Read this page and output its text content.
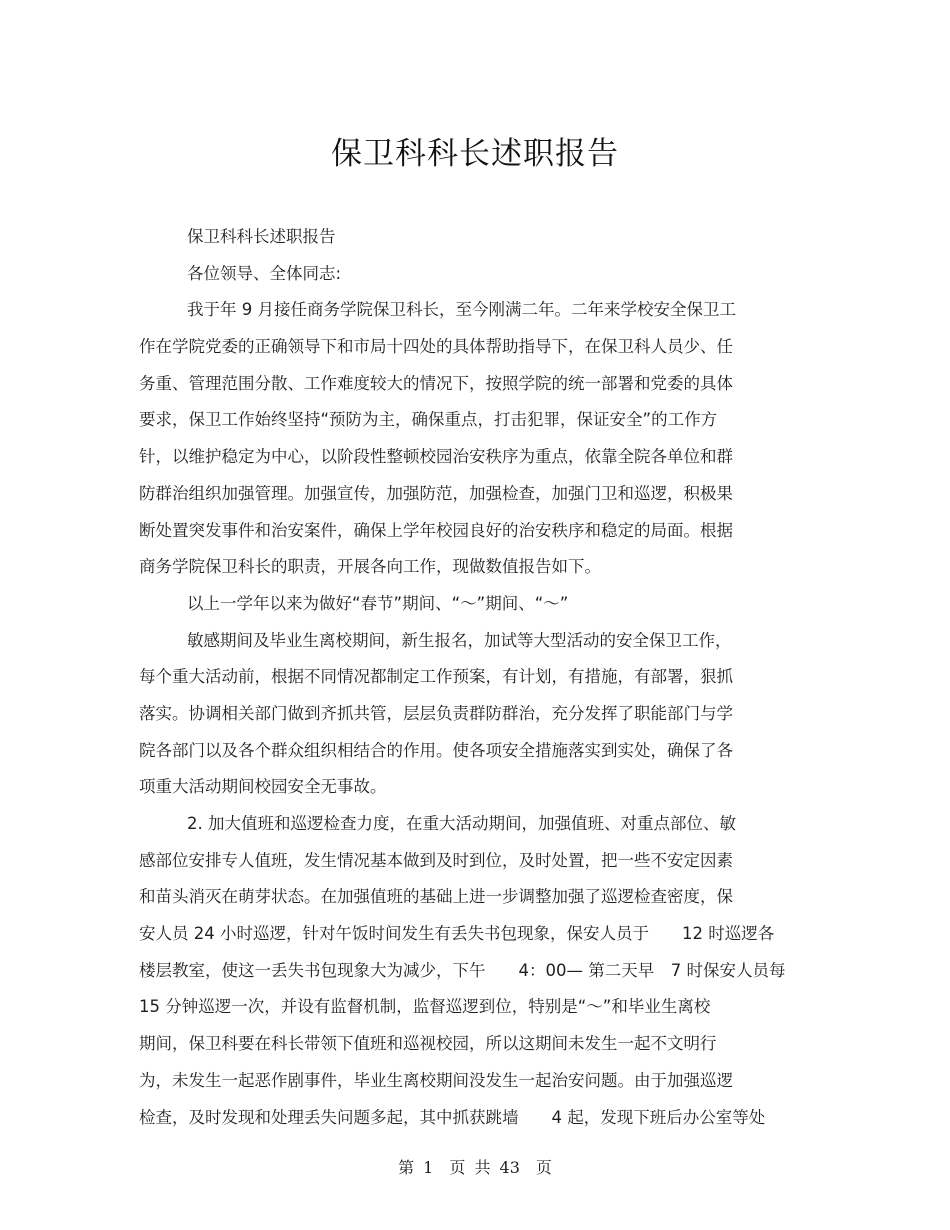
保卫科科长述职报告
保卫科科长述职报告
各位领导、全体同志:
我于年 9 月接任商务学院保卫科长，至今刚满二年。二年来学校安全保卫工
作在学院党委的正确领导下和市局十四处的具体帮助指导下，在保卫科人员少、任
务重、管理范围分散、工作难度较大的情况下，按照学院的统一部署和党委的具体
要求，保卫工作始终坚持“预防为主，确保重点，打击犯罪，保证安全”的工作方
针，以维护稳定为中心，以阶段性整顿校园治安秩序为重点，依靠全院各单位和群
防群治组织加强管理。加强宣传，加强防范，加强检查，加强门卫和巡逻，积极果
断处置突发事件和治安案件，确保上学年校园良好的治安秩序和稳定的局面。根据
商务学院保卫科长的职责，开展各向工作，现做数值报告如下。
以上一学年以来为做好“春节”期间、“～”期间、“～”
敏感期间及毕业生离校期间，新生报名，加试等大型活动的安全保卫工作，
每个重大活动前，根据不同情况都制定工作预案，有计划，有措施，有部署，狠抓
落实。协调相关部门做到齐抓共管，层层负责群防群治，充分发挥了职能部门与学
院各部门以及各个群众组织相结合的作用。使各项安全措施落实到实处，确保了各
项重大活动期间校园安全无事故。
2. 加大值班和巡逻检查力度，在重大活动期间，加强值班、对重点部位、敏
感部位安排专人值班，发生情况基本做到及时到位，及时处置，把一些不安定因素
和苗头消灭在萌芽状态。在加强值班的基础上进一步调整加强了巡逻检查密度，保
安人员 24 小时巡逻，针对午饭时间发生有丢失书包现象，保安人员于　　12 时巡逻各
楼层教室，使这一丢失书包现象大为减少，下午　　4：00— 第二天早　7 时保安人员每
15 分钟巡逻一次，并设有监督机制，监督巡逻到位，特别是“～”和毕业生离校
期间，保卫科要在科长带领下值班和巡视校园，所以这期间未发生一起不文明行
为，未发生一起恶作剧事件，毕业生离校期间没发生一起治安问题。由于加强巡逻
检查，及时发现和处理丢失问题多起，其中抓获跳墙　　4 起，发现下班后办公室等处
第 1　页 共 43　页
